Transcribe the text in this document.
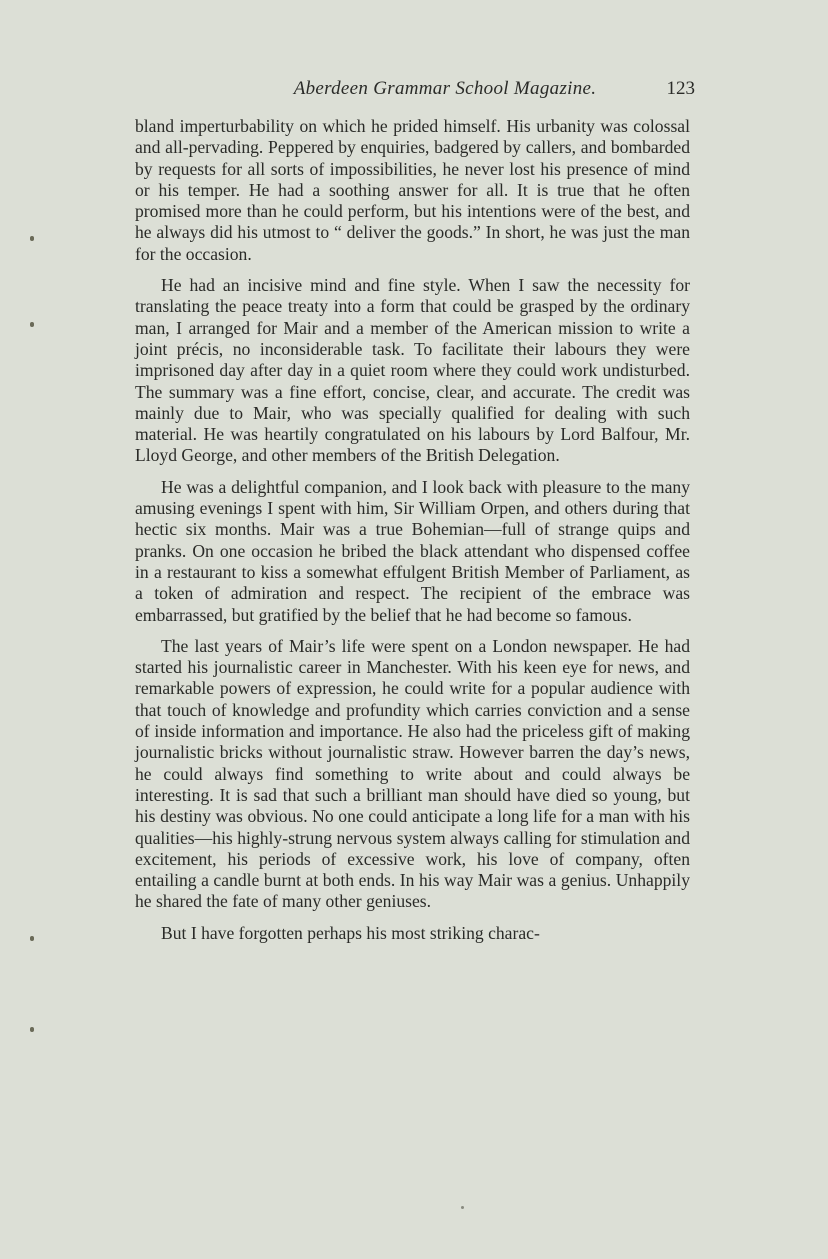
Aberdeen Grammar School Magazine.	123

bland imperturbability on which he prided himself. His urbanity was colossal and all-pervading. Peppered by enquiries, badgered by callers, and bombarded by requests for all sorts of impossibilities, he never lost his presence of mind or his temper. He had a soothing answer for all. It is true that he often promised more than he could perform, but his intentions were of the best, and he always did his utmost to “ deliver the goods.” In short, he was just the man for the occasion.

He had an incisive mind and fine style. When I saw the necessity for translating the peace treaty into a form that could be grasped by the ordinary man, I arranged for Mair and a member of the American mission to write a joint précis, no inconsiderable task. To facilitate their labours they were imprisoned day after day in a quiet room where they could work undisturbed. The summary was a fine effort, concise, clear, and accurate. The credit was mainly due to Mair, who was specially qualified for dealing with such material. He was heartily congratulated on his labours by Lord Balfour, Mr. Lloyd George, and other members of the British Delegation.

He was a delightful companion, and I look back with pleasure to the many amusing evenings I spent with him, Sir William Orpen, and others during that hectic six months. Mair was a true Bohemian—full of strange quips and pranks. On one occasion he bribed the black attendant who dispensed coffee in a restaurant to kiss a somewhat effulgent British Member of Parliament, as a token of admiration and respect. The recipient of the embrace was embarrassed, but gratified by the belief that he had become so famous.

The last years of Mair’s life were spent on a London newspaper. He had started his journalistic career in Manchester. With his keen eye for news, and remarkable powers of expression, he could write for a popular audience with that touch of knowledge and profundity which carries conviction and a sense of inside information and importance. He also had the priceless gift of making journalistic bricks without journalistic straw. However barren the day’s news, he could always find something to write about and could always be interesting. It is sad that such a brilliant man should have died so young, but his destiny was obvious. No one could anticipate a long life for a man with his qualities—his highly-strung nervous system always calling for stimulation and excitement, his periods of excessive work, his love of company, often entailing a candle burnt at both ends. In his way Mair was a genius. Unhappily he shared the fate of many other geniuses.

But I have forgotten perhaps his most striking charac-
